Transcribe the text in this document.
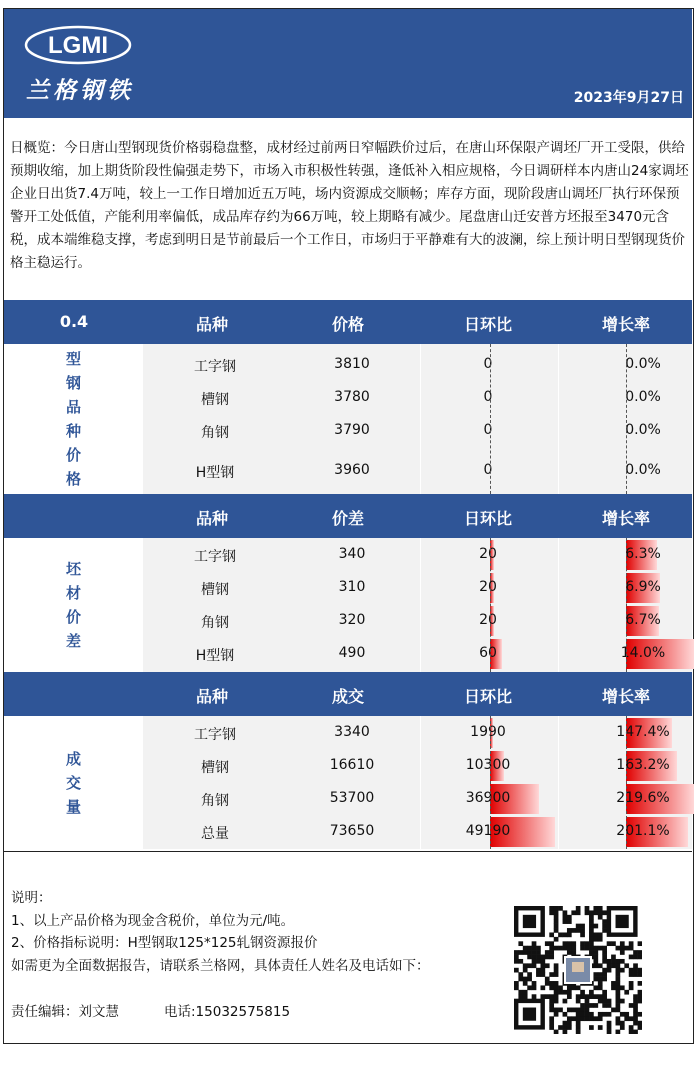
LGMI
兰格钢铁	2023年9月27日
日概览：今日唐山型钢现货价格弱稳盘整，成材经过前两日窄幅跌价过后，在唐山环保限产调坯厂开工受限，供给预期收缩，加上期货阶段性偏强走势下，市场入市积极性转强，逢低补入相应规格，今日调研样本内唐山24家调坯企业日出货7.4万吨，较上一工作日增加近五万吨，场内资源成交顺畅；库存方面，现阶段唐山调坯厂执行环保预警开工处低值，产能利用率偏低，成品库存约为66万吨，较上期略有减少。尾盘唐山迁安普方坯报至3470元含税，成本端维稳支撑，考虑到明日是节前最后一个工作日，市场归于平静难有大的波澜，综上预计明日型钢现货价格主稳运行。
0.4	品种	价格	日环比	增长率
型钢品种价格
工字钢	3810	0	0.0%
槽钢	3780	0	0.0%
角钢	3790	0	0.0%
H型钢	3960	0	0.0%
品种	价差	日环比	增长率
坯材价差
工字钢	340	20	6.3%
槽钢	310	20	6.9%
角钢	320	20	6.7%
H型钢	490	60	14.0%
品种	成交	日环比	增长率
成交量
工字钢	3340	1990	147.4%
槽钢	16610	10300	163.2%
角钢	53700	36900	219.6%
总量	73650	49190	201.1%
说明：
1、以上产品价格为现金含税价，单位为元/吨。
2、价格指标说明：H型钢取125*125轧钢资源报价
如需更为全面数据报告，请联系兰格网，具体责任人姓名及电话如下：
责任编辑：刘文慧	电话:15032575815
